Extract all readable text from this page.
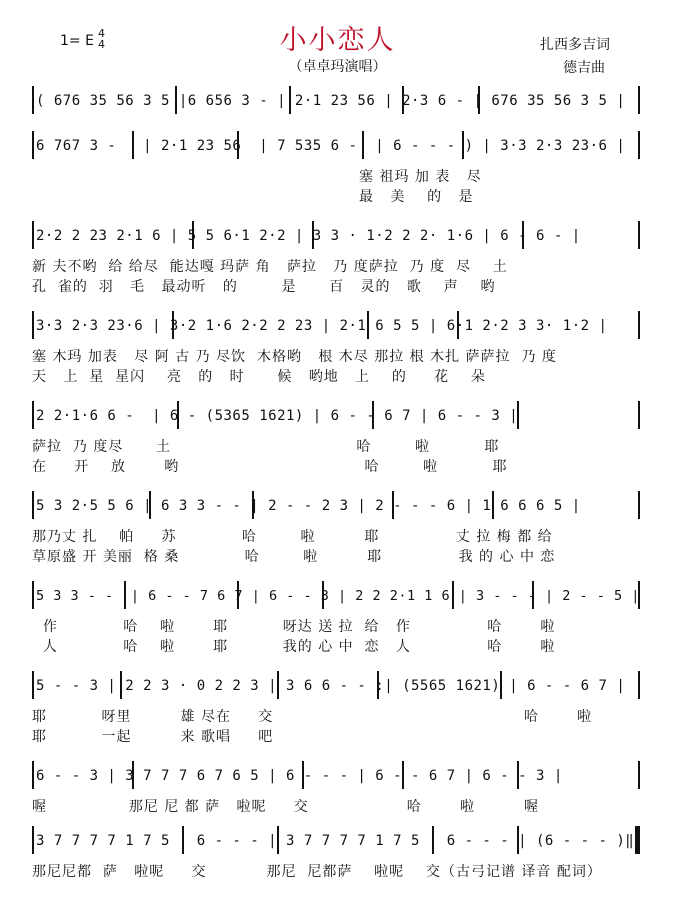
1= E 4
4	小小恋人
（卓卓玛演唱）
扎西多吉词
德吉曲
( 676 35 56 3 5 |6 656 3 - | 2·1 23 56 | 2·3 6 - | 676 35 56 3 5 |
6 767 3 -   | 2·1 23 56  | 7 535 6 -  | 6 - - - ) | 3·3 2·3 23·6 |
塞 祖玛 加 表   尽
最   美    的   是
2·2 2 23 2·1 6 | 5 5 6·1 2·2 | 3 3 · 1·2 2 2· 1·6 | 6 - 6 - |
新 夫不哟  给 给尽  能达嘎 玛萨 角   萨拉   乃 度萨拉  乃 度  尽    土
孔  雀的  羽   毛   最动听   的        是      百   灵的   歌    声    哟
3·3 2·3 23·6 | 3·2 1·6 2·2 2 23 | 2·1 6 5 5 | 6·1 2·2 3 3· 1·2 |
塞 木玛 加表   尽 阿 古 乃 尽饮  木格哟   根 木尽 那拉 根 木扎 萨萨拉  乃 度
天   上  星  星闪    亮   的   时      候   哟地   上    的     花    朵
2 2·1·6 6 -  | 6 - (5365 1621) | 6 - - 6 7 | 6 - - 3 |
萨拉  乃 度尽      土                                  哈        啦          耶
在     开    放       哟                                  哈        啦          耶
5 3 2·5 5 6 | 6 3 3 - - | 2 - - 2 3 | 2 - - - 6 | 1 6 6 6 5 |
那乃丈 扎    帕     苏            哈        啦         耶              丈 拉 梅 都 给
草原盛 开 美丽  格 桑            哈        啦         耶              我 的 心 中 恋
5 3 3 - -  | 6 - - 7 6 7 | 6 - - 3 | 2 2 2·1 1 6 | 3 - - - | 2 - - 5 |
作            哈    啦       耶          呀达 送 拉  给   作              哈       啦
人            哈    啦       耶          我的 心 中  恋   人              哈       啦
5 - - 3 | 2 2 3 · 0 2 2 3 | 3 6 6 - - :| (5565 1621) | 6 - - 6 7 |
耶          呀里         雄 尽在     交                                              哈       啦
耶          一起         来 歌唱     吧
6 - - 3 | 3 7 7 7 6 7 6 5 | 6 - - - | 6 - - 6 7 | 6 - - 3 |
喔               那尼 尼 都 萨   啦呢     交                  哈       啦         喔
3 7 7 7 7 1 7 5 | 6 - - - | 3 7 7 7 7 1 7 5 | 6 - - - | (6 - - - )‖
那尼尼都  萨   啦呢     交           那尼  尼都萨    啦呢    交（古弓记谱 译音 配词）
